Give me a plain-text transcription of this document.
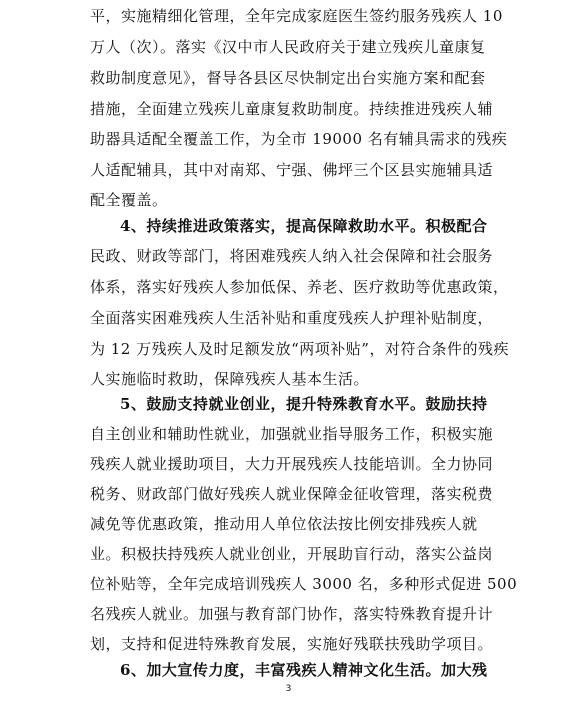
平，实施精细化管理，全年完成家庭医生签约服务残疾人 10
万人（次）。落实《汉中市人民政府关于建立残疾儿童康复
救助制度意见》，督导各县区尽快制定出台实施方案和配套
措施，全面建立残疾儿童康复救助制度。持续推进残疾人辅
助器具适配全覆盖工作，为全市 19000 名有辅具需求的残疾
人适配辅具，其中对南郑、宁强、佛坪三个区县实施辅具适
配全覆盖。
4、持续推进政策落实，提高保障救助水平。积极配合
民政、财政等部门，将困难残疾人纳入社会保障和社会服务
体系，落实好残疾人参加低保、养老、医疗救助等优惠政策，
全面落实困难残疾人生活补贴和重度残疾人护理补贴制度，
为 12 万残疾人及时足额发放“两项补贴”，对符合条件的残疾
人实施临时救助，保障残疾人基本生活。
5、鼓励支持就业创业，提升特殊教育水平。鼓励扶持
自主创业和辅助性就业，加强就业指导服务工作，积极实施
残疾人就业援助项目，大力开展残疾人技能培训。全力协同
税务、财政部门做好残疾人就业保障金征收管理，落实税费
减免等优惠政策，推动用人单位依法按比例安排残疾人就
业。积极扶持残疾人就业创业，开展助盲行动，落实公益岗
位补贴等，全年完成培训残疾人 3000 名，多种形式促进 500
名残疾人就业。加强与教育部门协作，落实特殊教育提升计
划，支持和促进特殊教育发展，实施好残联扶残助学项目。
6、加大宣传力度，丰富残疾人精神文化生活。加大残
3
